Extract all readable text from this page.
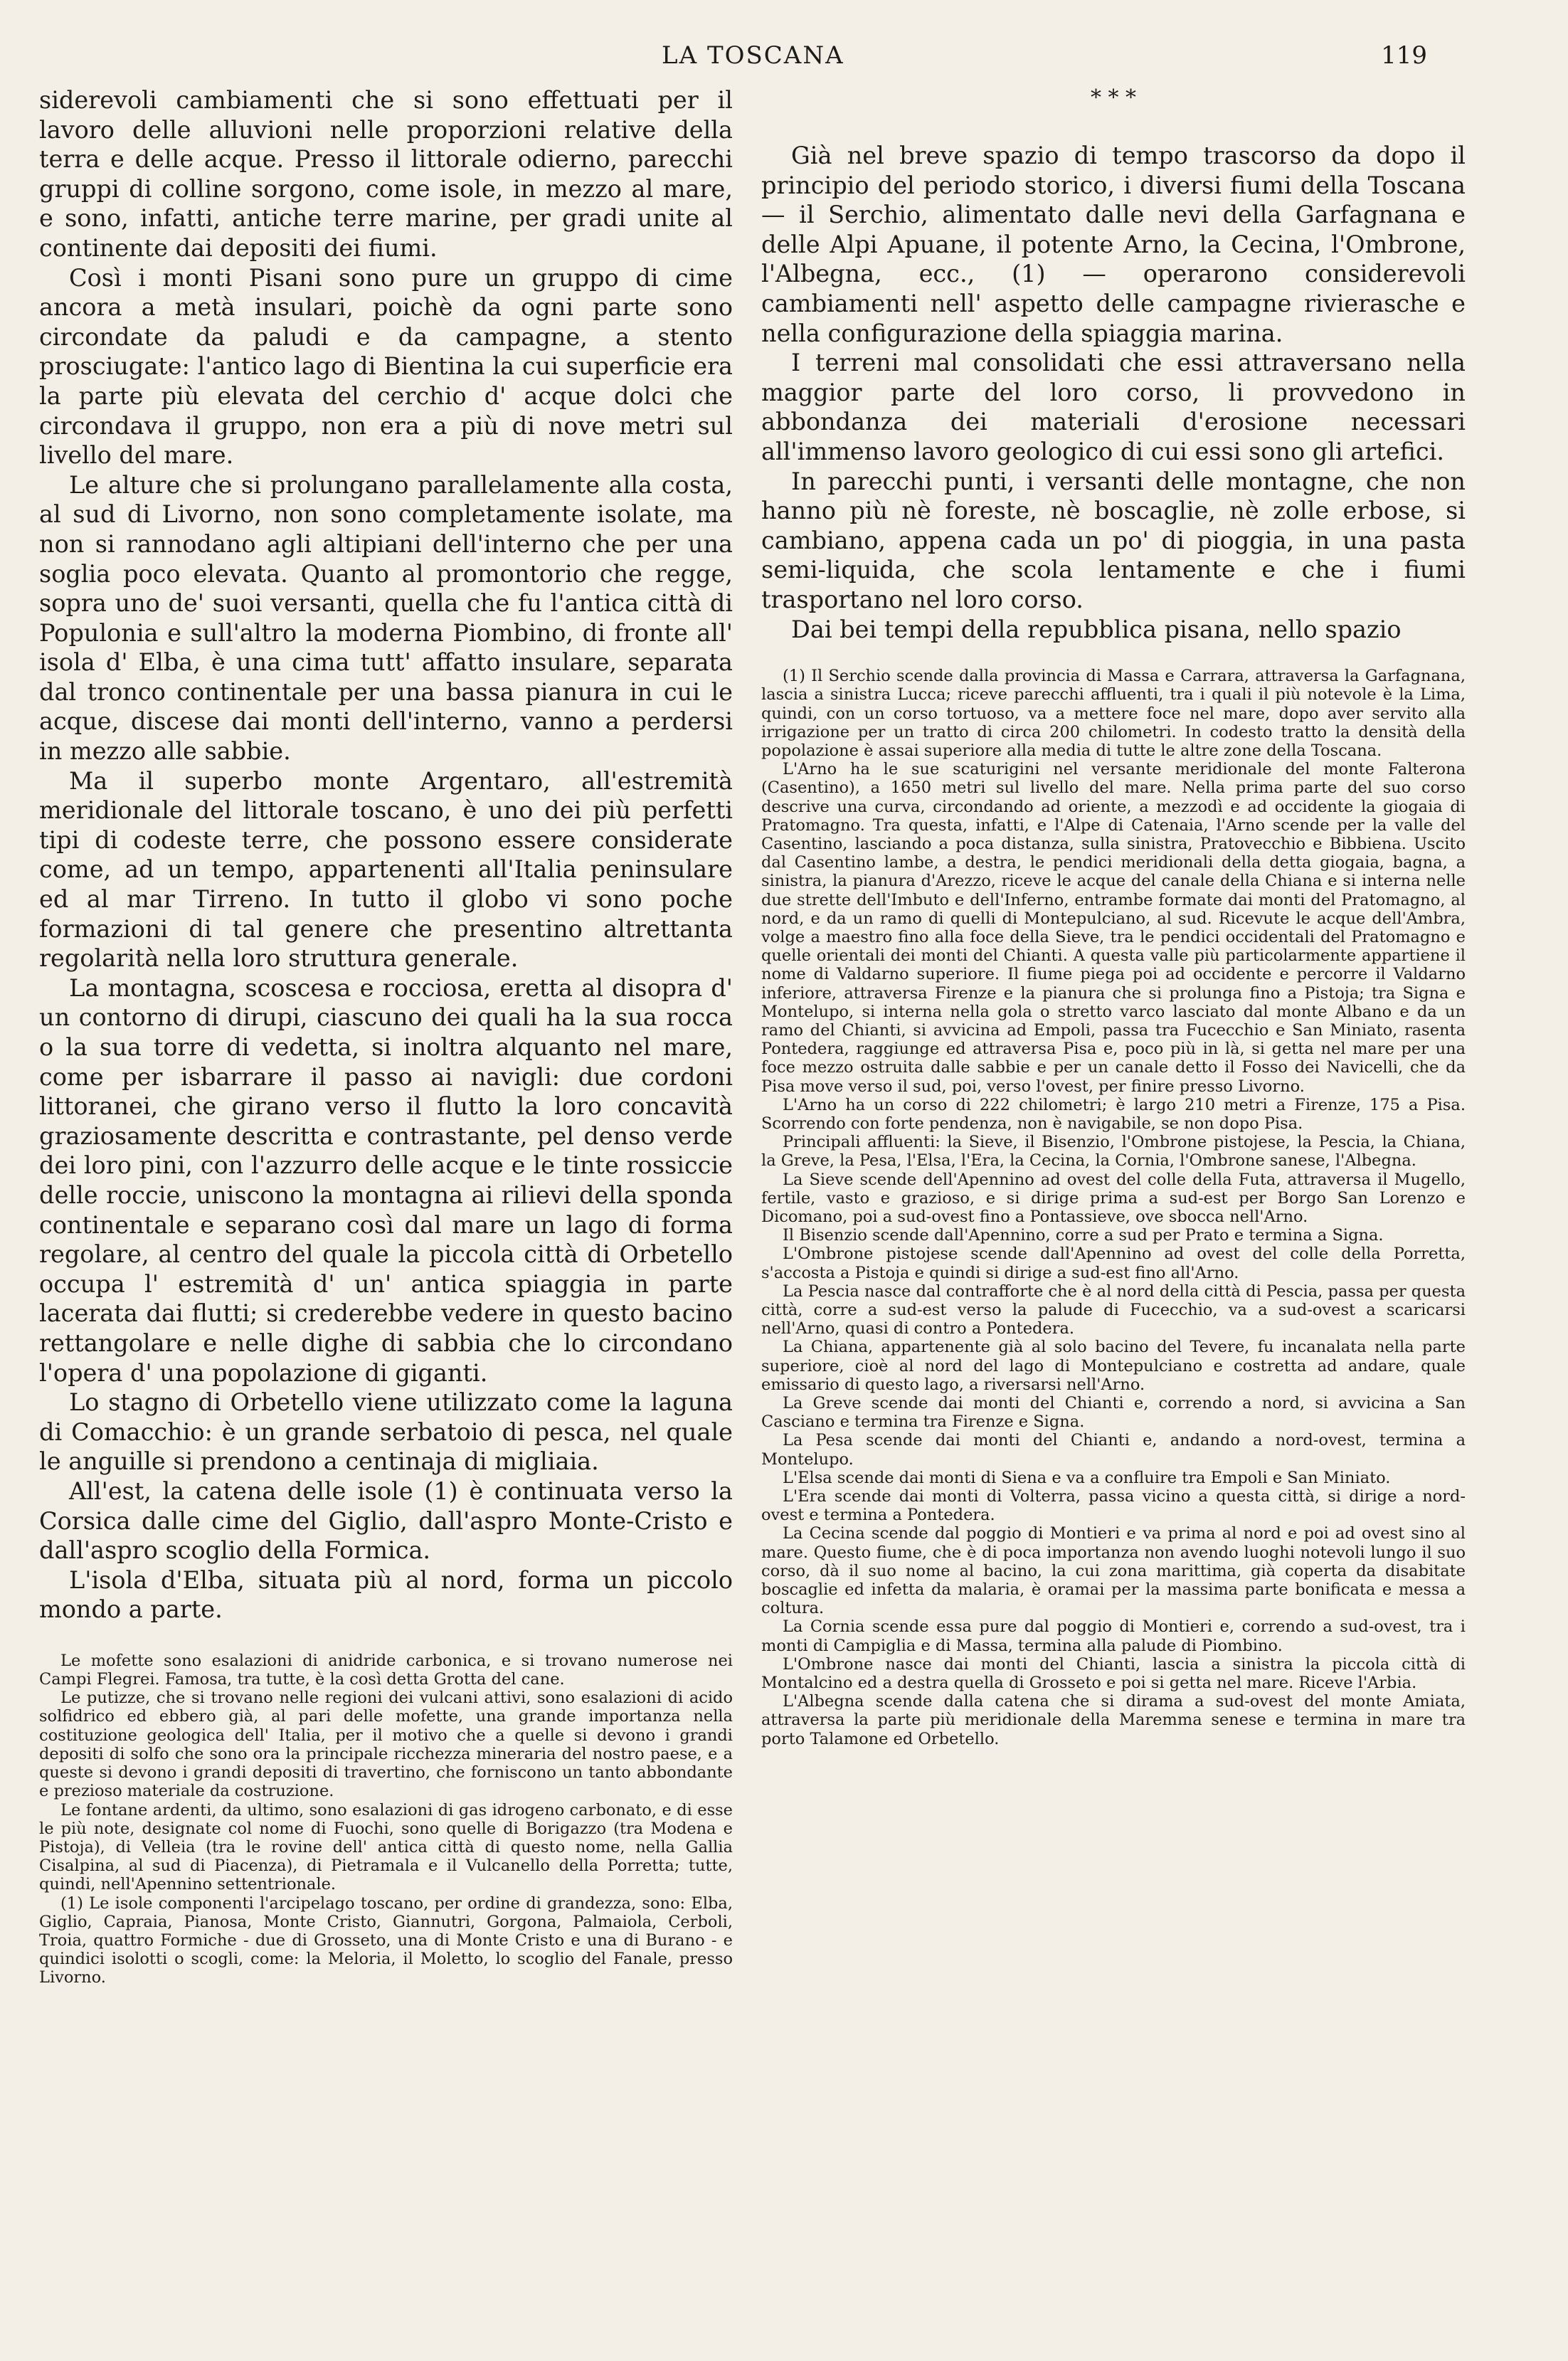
LA TOSCANA	119

siderevoli cambiamenti che si sono effettuati per il lavoro delle alluvioni nelle proporzioni relative della terra e delle acque. Presso il littorale odierno, parecchi gruppi di colline sorgono, come isole, in mezzo al mare, e sono, infatti, antiche terre marine, per gradi unite al continente dai depositi dei fiumi.

Così i monti Pisani sono pure un gruppo di cime ancora a metà insulari, poichè da ogni parte sono circondate da paludi e da campagne, a stento prosciugate: l'antico lago di Bientina la cui superficie era la parte più elevata del cerchio d' acque dolci che circondava il gruppo, non era a più di nove metri sul livello del mare.

Le alture che si prolungano parallelamente alla costa, al sud di Livorno, non sono completamente isolate, ma non si rannodano agli altipiani dell'interno che per una soglia poco elevata. Quanto al promontorio che regge, sopra uno de' suoi versanti, quella che fu l'antica città di Populonia e sull'altro la moderna Piombino, di fronte all' isola d' Elba, è una cima tutt' affatto insulare, separata dal tronco continentale per una bassa pianura in cui le acque, discese dai monti dell'interno, vanno a perdersi in mezzo alle sabbie.

Ma il superbo monte Argentaro, all'estremità meridionale del littorale toscano, è uno dei più perfetti tipi di codeste terre, che possono essere considerate come, ad un tempo, appartenenti all'Italia peninsulare ed al mar Tirreno. In tutto il globo vi sono poche formazioni di tal genere che presentino altrettanta regolarità nella loro struttura generale.

La montagna, scoscesa e rocciosa, eretta al disopra d' un contorno di dirupi, ciascuno dei quali ha la sua rocca o la sua torre di vedetta, si inoltra alquanto nel mare, come per isbarrare il passo ai navigli: due cordoni littoranei, che girano verso il flutto la loro concavità graziosamente descritta e contrastante, pel denso verde dei loro pini, con l'azzurro delle acque e le tinte rossiccie delle roccie, uniscono la montagna ai rilievi della sponda continentale e separano così dal mare un lago di forma regolare, al centro del quale la piccola città di Orbetello occupa l' estremità d' un' antica spiaggia in parte lacerata dai flutti; si crederebbe vedere in questo bacino rettangolare e nelle dighe di sabbia che lo circondano l'opera d' una popolazione di giganti.

Lo stagno di Orbetello viene utilizzato come la laguna di Comacchio: è un grande serbatoio di pesca, nel quale le anguille si prendono a centinaja di migliaia.

All'est, la catena delle isole (1) è continuata verso la Corsica dalle cime del Giglio, dall'aspro Monte-Cristo e dall'aspro scoglio della Formica.

L'isola d'Elba, situata più al nord, forma un piccolo mondo a parte.

Le mofette sono esalazioni di anidride carbonica, e si trovano numerose nei Campi Flegrei. Famosa, tra tutte, è la così detta Grotta del cane.

Le putizze, che si trovano nelle regioni dei vulcani attivi, sono esalazioni di acido solfidrico ed ebbero già, al pari delle mofette, una grande importanza nella costituzione geologica dell' Italia, per il motivo che a quelle si devono i grandi depositi di solfo che sono ora la principale ricchezza mineraria del nostro paese, e a queste si devono i grandi depositi di travertino, che forniscono un tanto abbondante e prezioso materiale da costruzione.

Le fontane ardenti, da ultimo, sono esalazioni di gas idrogeno carbonato, e di esse le più note, designate col nome di Fuochi, sono quelle di Borigazzo (tra Modena e Pistoja), di Velleia (tra le rovine dell' antica città di questo nome, nella Gallia Cisalpina, al sud di Piacenza), di Pietramala e il Vulcanello della Porretta; tutte, quindi, nell'Apennino settentrionale.

(1) Le isole componenti l'arcipelago toscano, per ordine di grandezza, sono: Elba, Giglio, Capraia, Pianosa, Monte Cristo, Giannutri, Gorgona, Palmaiola, Cerboli, Troia, quattro Formiche - due di Grosseto, una di Monte Cristo e una di Burano - e quindici isolotti o scogli, come: la Meloria, il Moletto, lo scoglio del Fanale, presso Livorno.

* * *

Già nel breve spazio di tempo trascorso da dopo il principio del periodo storico, i diversi fiumi della Toscana — il Serchio, alimentato dalle nevi della Garfagnana e delle Alpi Apuane, il potente Arno, la Cecina, l'Ombrone, l'Albegna, ecc., (1) — operarono considerevoli cambiamenti nell' aspetto delle campagne rivierasche e nella configurazione della spiaggia marina.

I terreni mal consolidati che essi attraversano nella maggior parte del loro corso, li provvedono in abbondanza dei materiali d'erosione necessari all'immenso lavoro geologico di cui essi sono gli artefici.

In parecchi punti, i versanti delle montagne, che non hanno più nè foreste, nè boscaglie, nè zolle erbose, si cambiano, appena cada un po' di pioggia, in una pasta semi-liquida, che scola lentamente e che i fiumi trasportano nel loro corso.

Dai bei tempi della repubblica pisana, nello spazio

(1) Il Serchio scende dalla provincia di Massa e Carrara, attraversa la Garfagnana, lascia a sinistra Lucca; riceve parecchi affluenti, tra i quali il più notevole è la Lima, quindi, con un corso tortuoso, va a mettere foce nel mare, dopo aver servito alla irrigazione per un tratto di circa 200 chilometri. In codesto tratto la densità della popolazione è assai superiore alla media di tutte le altre zone della Toscana.

L'Arno ha le sue scaturigini nel versante meridionale del monte Falterona (Casentino), a 1650 metri sul livello del mare. Nella prima parte del suo corso descrive una curva, circondando ad oriente, a mezzodì e ad occidente la giogaia di Pratomagno. Tra questa, infatti, e l'Alpe di Catenaia, l'Arno scende per la valle del Casentino, lasciando a poca distanza, sulla sinistra, Pratovecchio e Bibbiena. Uscito dal Casentino lambe, a destra, le pendici meridionali della detta giogaia, bagna, a sinistra, la pianura d'Arezzo, riceve le acque del canale della Chiana e si interna nelle due strette dell'Imbuto e dell'Inferno, entrambe formate dai monti del Pratomagno, al nord, e da un ramo di quelli di Montepulciano, al sud. Ricevute le acque dell'Ambra, volge a maestro fino alla foce della Sieve, tra le pendici occidentali del Pratomagno e quelle orientali dei monti del Chianti. A questa valle più particolarmente appartiene il nome di Valdarno superiore. Il fiume piega poi ad occidente e percorre il Valdarno inferiore, attraversa Firenze e la pianura che si prolunga fino a Pistoja; tra Signa e Montelupo, si interna nella gola o stretto varco lasciato dal monte Albano e da un ramo del Chianti, si avvicina ad Empoli, passa tra Fucecchio e San Miniato, rasenta Pontedera, raggiunge ed attraversa Pisa e, poco più in là, si getta nel mare per una foce mezzo ostruita dalle sabbie e per un canale detto il Fosso dei Navicelli, che da Pisa move verso il sud, poi, verso l'ovest, per finire presso Livorno.

L'Arno ha un corso di 222 chilometri; è largo 210 metri a Firenze, 175 a Pisa. Scorrendo con forte pendenza, non è navigabile, se non dopo Pisa.

Principali affluenti: la Sieve, il Bisenzio, l'Ombrone pistojese, la Pescia, la Chiana, la Greve, la Pesa, l'Elsa, l'Era, la Cecina, la Cornia, l'Ombrone sanese, l'Albegna.

La Sieve scende dell'Apennino ad ovest del colle della Futa, attraversa il Mugello, fertile, vasto e grazioso, e si dirige prima a sud-est per Borgo San Lorenzo e Dicomano, poi a sud-ovest fino a Pontassieve, ove sbocca nell'Arno.

Il Bisenzio scende dall'Apennino, corre a sud per Prato e termina a Signa.

L'Ombrone pistojese scende dall'Apennino ad ovest del colle della Porretta, s'accosta a Pistoja e quindi si dirige a sud-est fino all'Arno.

La Pescia nasce dal contrafforte che è al nord della città di Pescia, passa per questa città, corre a sud-est verso la palude di Fucecchio, va a sud-ovest a scaricarsi nell'Arno, quasi di contro a Pontedera.

La Chiana, appartenente già al solo bacino del Tevere, fu incanalata nella parte superiore, cioè al nord del lago di Montepulciano e costretta ad andare, quale emissario di questo lago, a riversarsi nell'Arno.

La Greve scende dai monti del Chianti e, correndo a nord, si avvicina a San Casciano e termina tra Firenze e Signa.

La Pesa scende dai monti del Chianti e, andando a nord-ovest, termina a Montelupo.

L'Elsa scende dai monti di Siena e va a confluire tra Empoli e San Miniato.

L'Era scende dai monti di Volterra, passa vicino a questa città, si dirige a nord-ovest e termina a Pontedera.

La Cecina scende dal poggio di Montieri e va prima al nord e poi ad ovest sino al mare. Questo fiume, che è di poca importanza non avendo luoghi notevoli lungo il suo corso, dà il suo nome al bacino, la cui zona marittima, già coperta da disabitate boscaglie ed infetta da malaria, è oramai per la massima parte bonificata e messa a coltura.

La Cornia scende essa pure dal poggio di Montieri e, correndo a sud-ovest, tra i monti di Campiglia e di Massa, termina alla palude di Piombino.

L'Ombrone nasce dai monti del Chianti, lascia a sinistra la piccola città di Montalcino ed a destra quella di Grosseto e poi si getta nel mare. Riceve l'Arbia.

L'Albegna scende dalla catena che si dirama a sud-ovest del monte Amiata, attraversa la parte più meridionale della Maremma senese e termina in mare tra porto Talamone ed Orbetello.
